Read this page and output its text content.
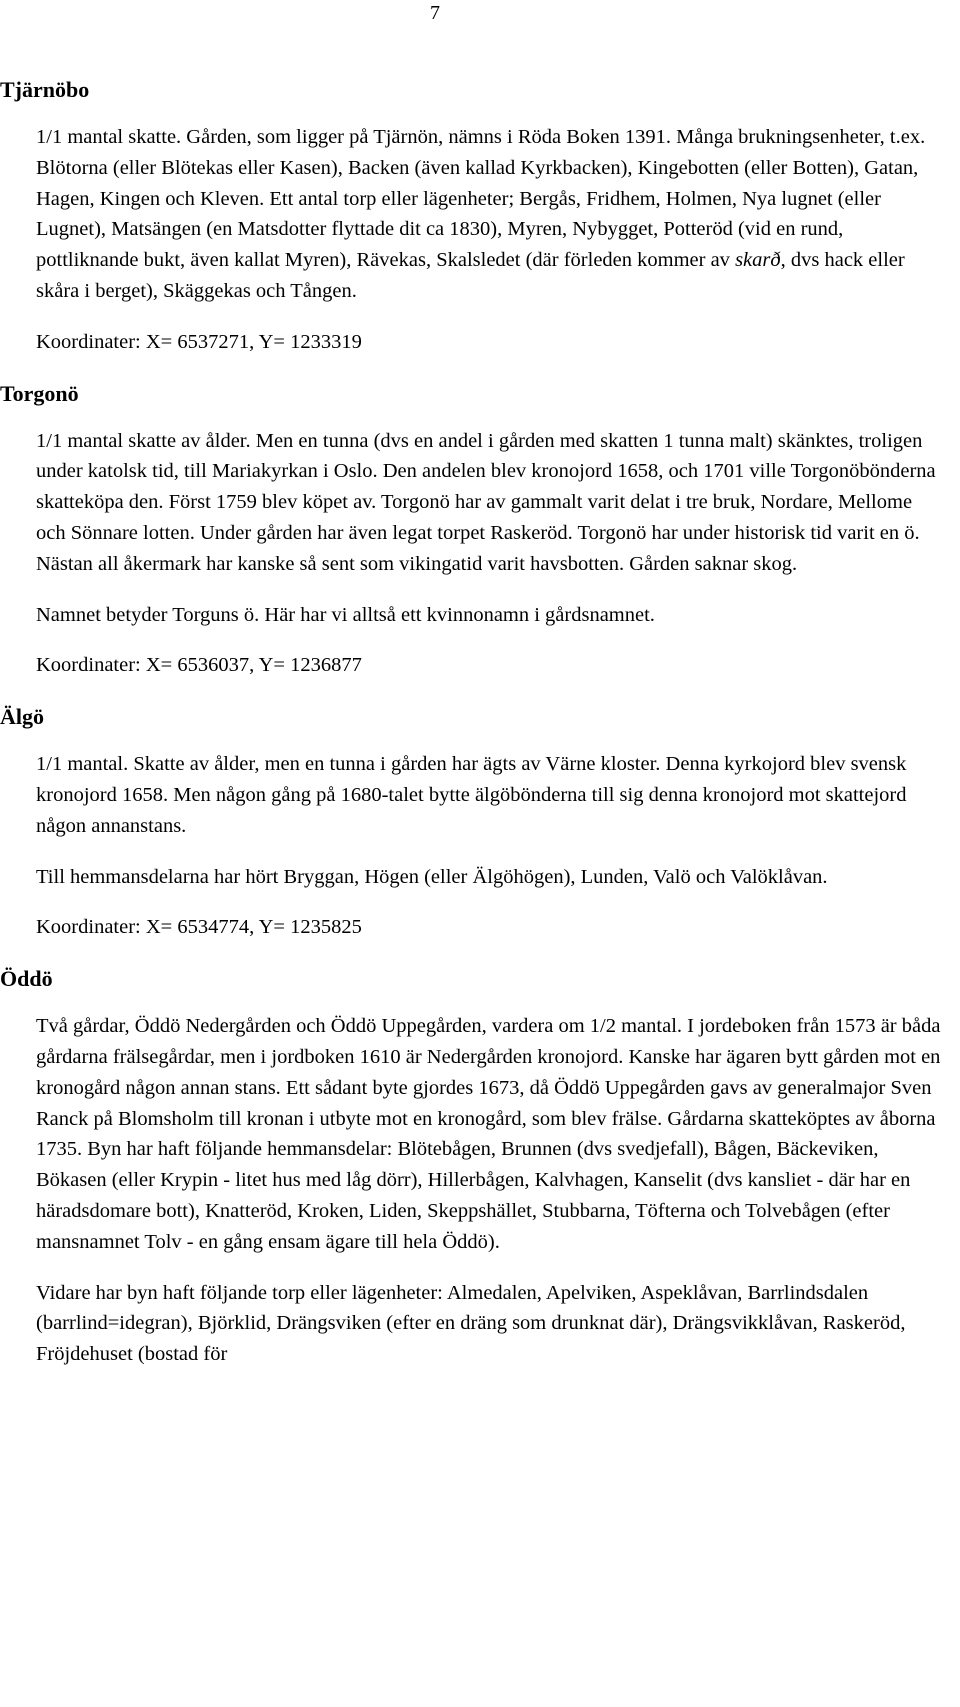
7
Tjärnöbo

1/1 mantal skatte. Gården, som ligger på Tjärnön, nämns i Röda Boken 1391. Många brukningsenheter, t.ex. Blötorna (eller Blötekas eller Kasen), Backen (även kallad Kyrkbacken), Kingebotten (eller Botten), Gatan, Hagen, Kingen och Kleven. Ett antal torp eller lägenheter; Bergås, Fridhem, Holmen, Nya lugnet (eller Lugnet), Matsängen (en Matsdotter flyttade dit ca 1830), Myren, Nybygget, Potteröd (vid en rund, pottliknande bukt, även kallat Myren), Rävekas, Skalsledet (där förleden kommer av skarð, dvs hack eller skåra i berget), Skäggekas och Tången.

Koordinater: X= 6537271, Y= 1233319

Torgonö

1/1 mantal skatte av ålder. Men en tunna (dvs en andel i gården med skatten 1 tunna malt) skänktes, troligen under katolsk tid, till Mariakyrkan i Oslo. Den andelen blev kronojord 1658, och 1701 ville Torgonöbönderna skatteköpa den. Först 1759 blev köpet av. Torgonö har av gammalt varit delat i tre bruk, Nordare, Mellome och Sönnare lotten. Under gården har även legat torpet Raskeröd. Torgonö har under historisk tid varit en ö. Nästan all åkermark har kanske så sent som vikingatid varit havsbotten. Gården saknar skog.

Namnet betyder Torguns ö. Här har vi alltså ett kvinnonamn i gårdsnamnet.

Koordinater: X= 6536037, Y= 1236877

Älgö

1/1 mantal. Skatte av ålder, men en tunna i gården har ägts av Värne kloster. Denna kyrkojord blev svensk kronojord 1658. Men någon gång på 1680-talet bytte älgöbönderna till sig denna kronojord mot skattejord någon annanstans.

Till hemmansdelarna har hört Bryggan, Högen (eller Älgöhögen), Lunden, Valö och Valöklåvan.

Koordinater: X= 6534774, Y= 1235825

Öddö

Två gårdar, Öddö Nedergården och Öddö Uppegården, vardera om 1/2 mantal. I jordeboken från 1573 är båda gårdarna frälsegårdar, men i jordboken 1610 är Nedergården kronojord. Kanske har ägaren bytt gården mot en kronogård någon annan stans. Ett sådant byte gjordes 1673, då Öddö Uppegården gavs av generalmajor Sven Ranck på Blomsholm till kronan i utbyte mot en kronogård, som blev frälse. Gårdarna skatteköptes av åborna 1735. Byn har haft följande hemmansdelar: Blötebågen, Brunnen (dvs svedjefall), Bågen, Bäckeviken, Bökasen (eller Krypin - litet hus med låg dörr), Hillerbågen, Kalvhagen, Kanselit (dvs kansliet - där har en häradsdomare bott), Knatteröd, Kroken, Liden, Skeppshället, Stubbarna, Töfterna och Tolvebågen (efter mansnamnet Tolv - en gång ensam ägare till hela Öddö).

Vidare har byn haft följande torp eller lägenheter: Almedalen, Apelviken, Aspeklåvan, Barrlindsdalen (barrlind=idegran), Björklid, Drängsviken (efter en dräng som drunknat där), Drängsvikklåvan, Raskeröd, Fröjdehuset (bostad för
